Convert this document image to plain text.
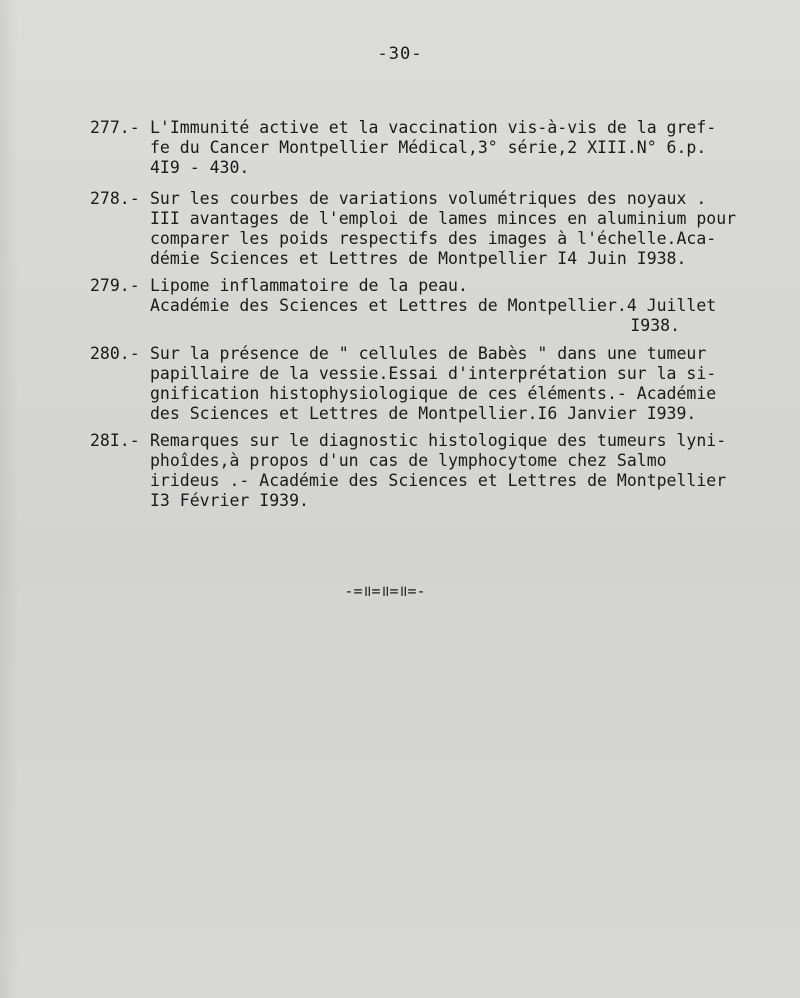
-30-
277.- L'Immunité active et la vaccination vis-à-vis de la gref-
fe du Cancer Montpellier Médical,3° série,2 XIII.N° 6.p.
4I9 - 430.
278.- Sur les courbes de variations volumétriques des noyaux .
III avantages de l'emploi de lames minces en aluminium pour
comparer les poids respectifs des images à l'échelle.Aca-
démie Sciences et Lettres de Montpellier I4 Juin I938.
279.- Lipome inflammatoire de la peau.
Académie des Sciences et Lettres de Montpellier.4 Juillet
I938.
280.- Sur la présence de " cellules de Babès " dans une tumeur
papillaire de la vessie.Essai d'interprétation sur la si-
gnification histophysiologique de ces éléments.- Académie
des Sciences et Lettres de Montpellier.I6 Janvier I939.
28I.- Remarques sur le diagnostic histologique des tumeurs lyni-
phoîdes,à propos d'un cas de lymphocytome chez Salmo
irideus .- Académie des Sciences et Lettres de Montpellier
I3 Février I939.
-=॥=॥=॥=-
